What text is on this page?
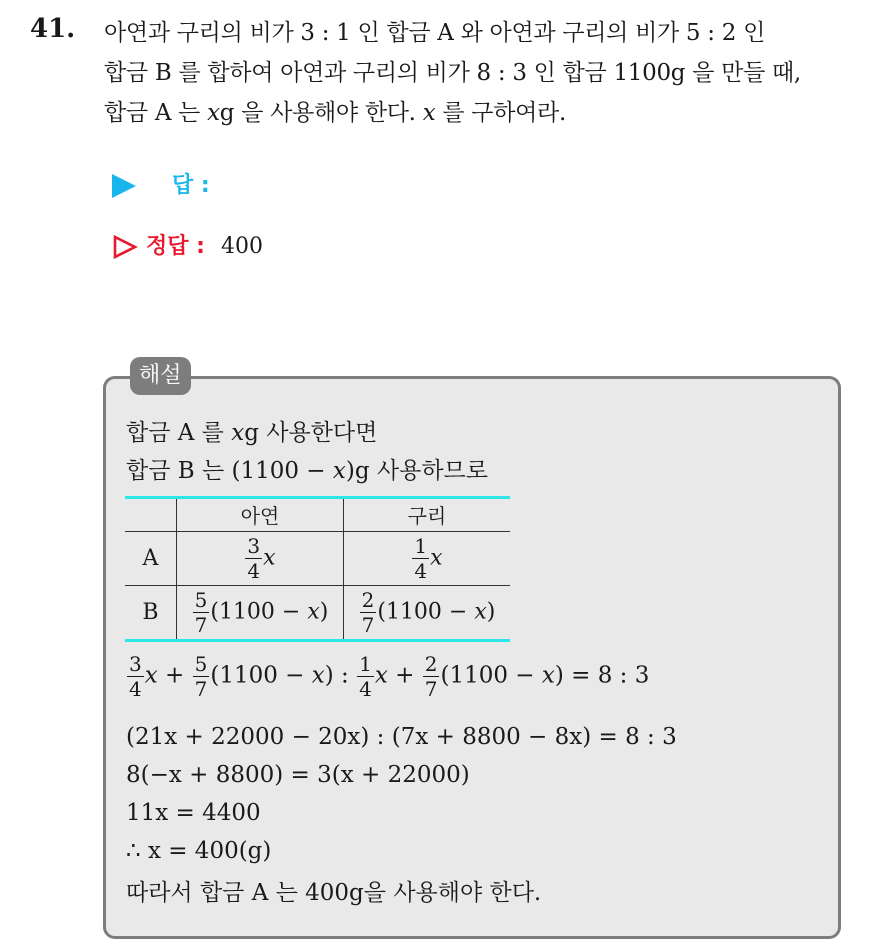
41. 아연과 구리의 비가 3 : 1 인 합금 A 와 아연과 구리의 비가 5 : 2 인
합금 B 를 합하여 아연과 구리의 비가 8 : 3 인 합금 1100g 을 만들 때,
합금 A 는 xg 을 사용해야 한다. x 를 구하여라.
답 :
정답 : 400
해설
합금 A 를 xg 사용한다면
합금 B 는 (1100 − x)g 사용하므로
	아연	구리
A	$\frac{3}{4}$ x	$\frac{1}{4}$ x
B	$\frac{5}{7} (1100 - x)$	$\frac{2}{7} (1100 - x)$
$\frac{3}{4}$ $x + \frac{5}{7} (1100 - x)$ : $\frac{1}{4}$ $x + \frac{2}{7} (1100 - x) = 8$ : 3
(21x + 22000 − 20x) : (7x + 8800 − 8x) = 8 : 3
8(−x + 8800) = 3(x + 22000)
11x = 4400
∴ x = 400(g)
따라서 합금 A 는 400g을 사용해야 한다.
